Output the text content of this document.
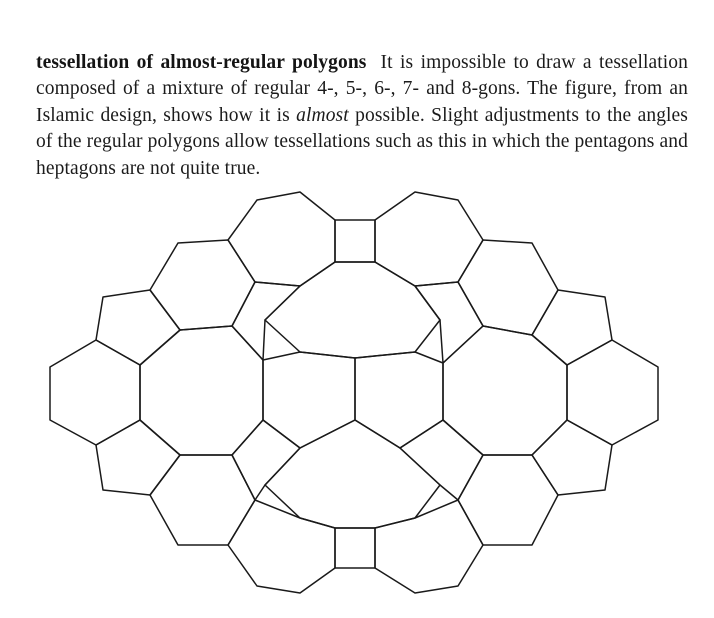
tessellation of almost-regular polygons It is impossible to draw a tessellation composed of a mixture of regular 4-, 5-, 6-, 7- and 8-gons. The figure, from an Islamic design, shows how it is almost possible. Slight adjustments to the angles of the regular polygons allow tessellations such as this in which the pentagons and heptagons are not quite true.
